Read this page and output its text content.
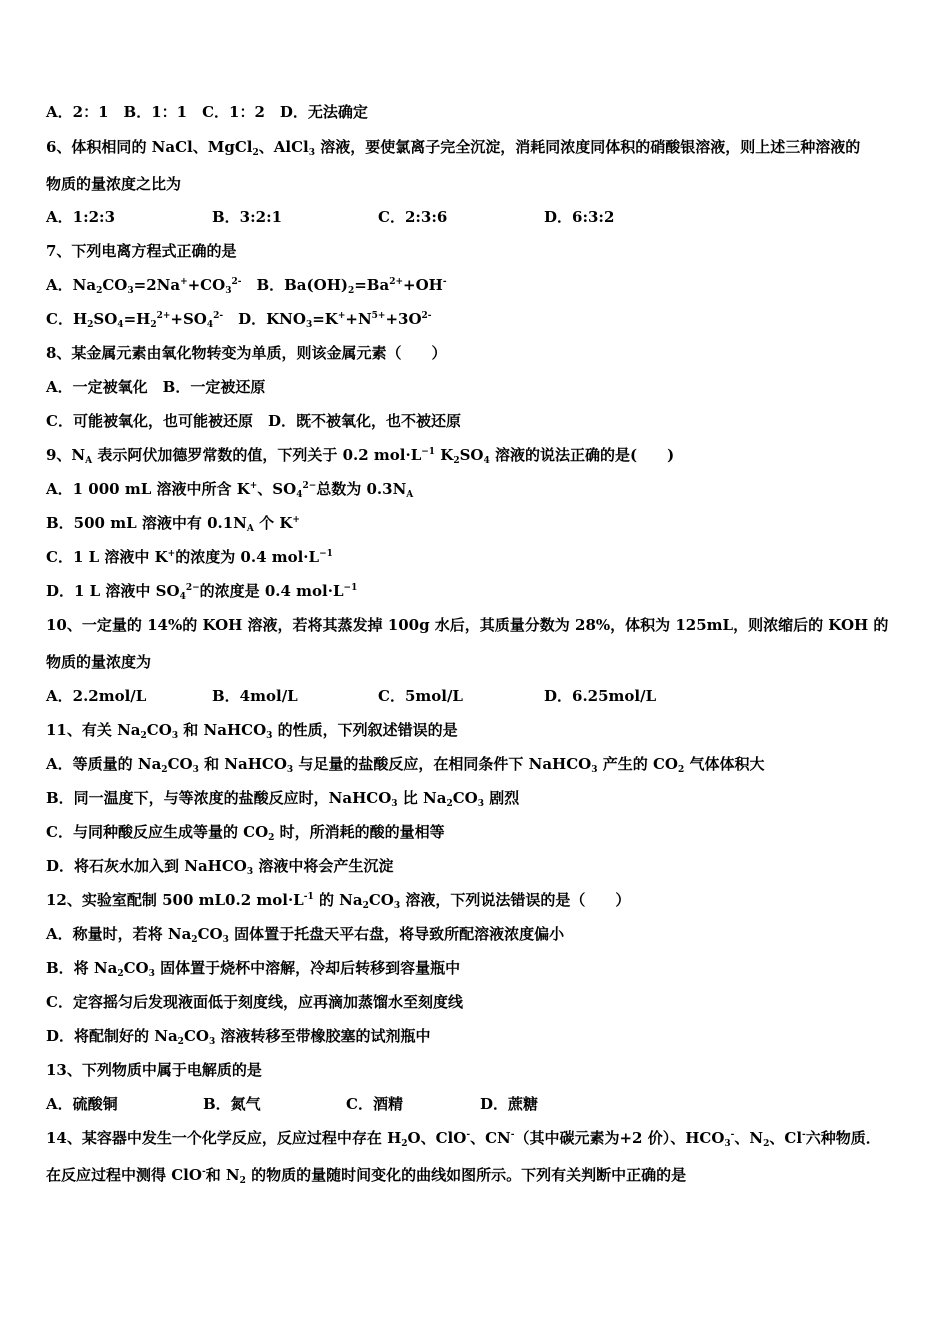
A．2：1　B．1：1　C．1：2　D．无法确定
6、体积相同的 NaCl、MgCl$_2$、AlCl$_3$ 溶液，要使氯离子完全沉淀，消耗同浓度同体积的硝酸银溶液，则上述三种溶液的
物质的量浓度之比为
A．1:2:3	B．3:2:1	C．2:3:6	D．6:3:2
7、下列电离方程式正确的是
A．$Na_2CO_3=2Na^++CO_3^{2-}$　B．$Ba(OH)_2=Ba^{2+}+OH^-$
C．$H_2SO_4=H_2^{2+}+SO_4^{2-}$　D．$KNO_3=K^++N^{5+}+3O^{2-}$
8、某金属元素由氧化物转变为单质，则该金属元素（　　）
A．一定被氧化　B．一定被还原
C．可能被氧化，也可能被还原　D．既不被氧化，也不被还原
9、$N_A$ 表示阿伏加德罗常数的值，下列关于 0.2 $mol\cdot L^{-1}$ $K_2SO_4$ 溶液的说法正确的是(　　)
A．1 000 mL 溶液中所含 K+、$SO_4^{2-}$总数为 $0.3N_A$
B．500 mL 溶液中有 $0.1N_A$ 个 K+
C．1 L 溶液中 K+的浓度为 0.4 $mol\cdot L^{-1}$
D．1 L 溶液中 $SO_4^{2-}$的浓度是 0.4 $mol\cdot L^{-1}$
10、一定量的 14%的 KOH 溶液，若将其蒸发掉 100g 水后，其质量分数为 28%，体积为 125mL，则浓缩后的 KOH 的
物质的量浓度为
A．2.2mol/L	B．4mol/L	C．5mol/L	D．6.25mol/L
11、有关 $Na_2CO_3$ 和 NaHCO$_3$ 的性质，下列叙述错误的是
A．等质量的 $Na_2CO_3$ 和 NaHCO$_3$ 与足量的盐酸反应，在相同条件下 NaHCO$_3$ 产生的 $CO_2$ 气体体积大
B．同一温度下，与等浓度的盐酸反应时，NaHCO$_3$ 比 $Na_2CO_3$ 剧烈
C．与同种酸反应生成等量的 $CO_2$ 时，所消耗的酸的量相等
D．将石灰水加入到 NaHCO$_3$ 溶液中将会产生沉淀
12、实验室配制 500 mL0.2 $mol\cdot L^{-1}$ 的 $Na_2CO_3$ 溶液，下列说法错误的是（　　）
A．称量时，若将 $Na_2CO_3$ 固体置于托盘天平右盘，将导致所配溶液浓度偏小
B．将 $Na_2CO_3$ 固体置于烧杯中溶解，冷却后转移到容量瓶中
C．定容摇匀后发现液面低于刻度线，应再滴加蒸馏水至刻度线
D．将配制好的 $Na_2CO_3$ 溶液转移至带橡胶塞的试剂瓶中
13、下列物质中属于电解质的是
A．硫酸铜	B．氮气	C．酒精	D．蔗糖
14、某容器中发生一个化学反应，反应过程中存在 $H_2O$、ClO-、CN-（其中碳元素为+2 价）、$HCO_3^-$、$N_2$、Cl-六种物质．
在反应过程中测得 ClO-和 $N_2$ 的物质的量随时间变化的曲线如图所示。下列有关判断中正确的是
